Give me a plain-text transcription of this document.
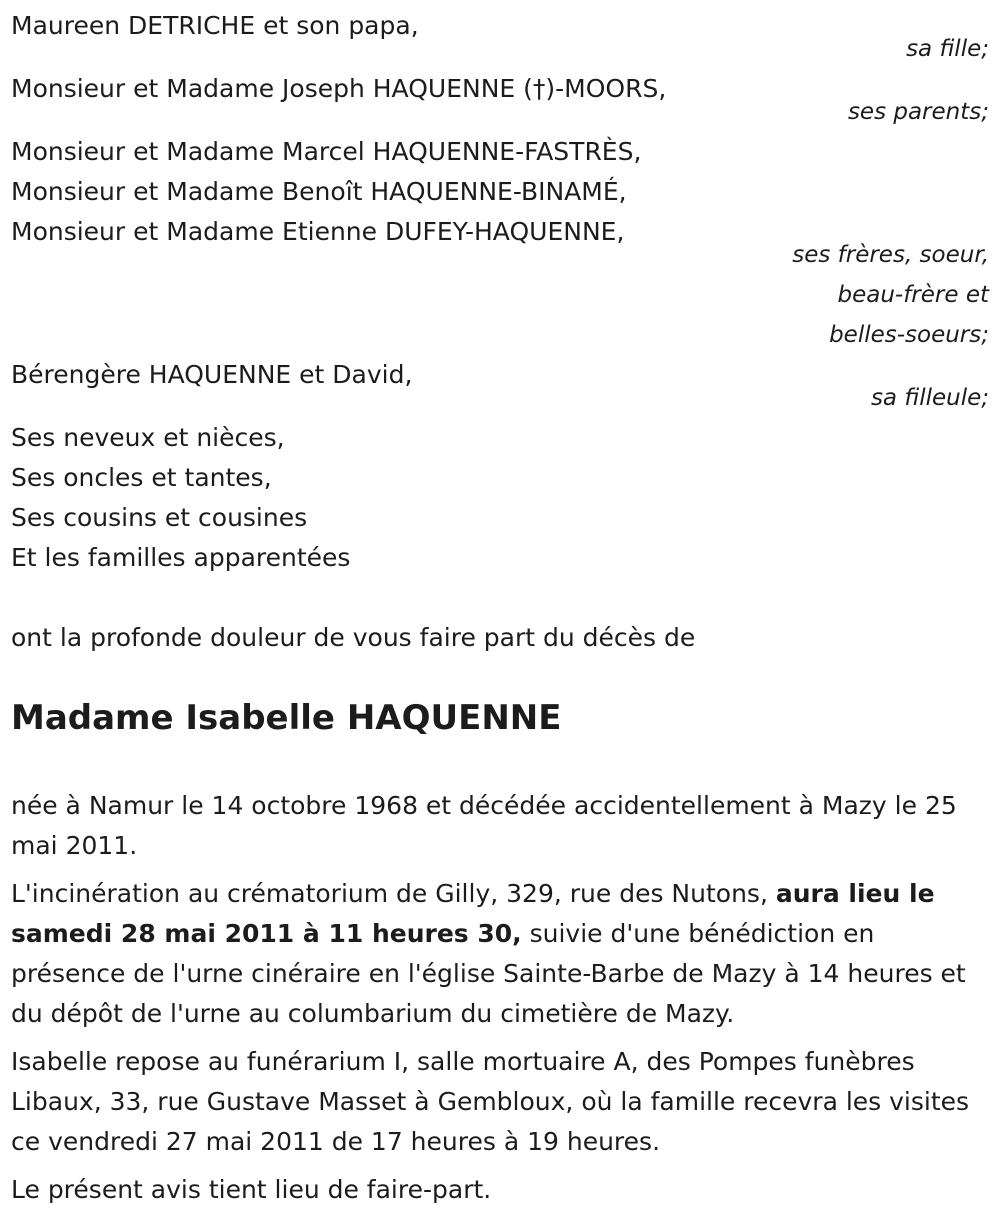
Maureen DETRICHE et son papa,
sa fille;
Monsieur et Madame Joseph HAQUENNE (†)-MOORS,
ses parents;
Monsieur et Madame Marcel HAQUENNE-FASTRÈS,
Monsieur et Madame Benoît HAQUENNE-BINAMÉ,
Monsieur et Madame Etienne DUFEY-HAQUENNE,
ses frères, soeur,
beau-frère et
belles-soeurs;
Bérengère HAQUENNE et David,
sa filleule;
Ses neveux et nièces,
Ses oncles et tantes,
Ses cousins et cousines
Et les familles apparentées
ont la profonde douleur de vous faire part du décès de
Madame Isabelle HAQUENNE

née à Namur le 14 octobre 1968 et décédée accidentellement à Mazy le 25 mai 2011.

L'incinération au crématorium de Gilly, 329, rue des Nutons, aura lieu le samedi 28 mai 2011 à 11 heures 30, suivie d'une bénédiction en présence de l'urne cinéraire en l'église Sainte-Barbe de Mazy à 14 heures et du dépôt de l'urne au columbarium du cimetière de Mazy.

Isabelle repose au funérarium I, salle mortuaire A, des Pompes funèbres Libaux, 33, rue Gustave Masset à Gembloux, où la famille recevra les visites ce vendredi 27 mai 2011 de 17 heures à 19 heures.

Le présent avis tient lieu de faire-part.
